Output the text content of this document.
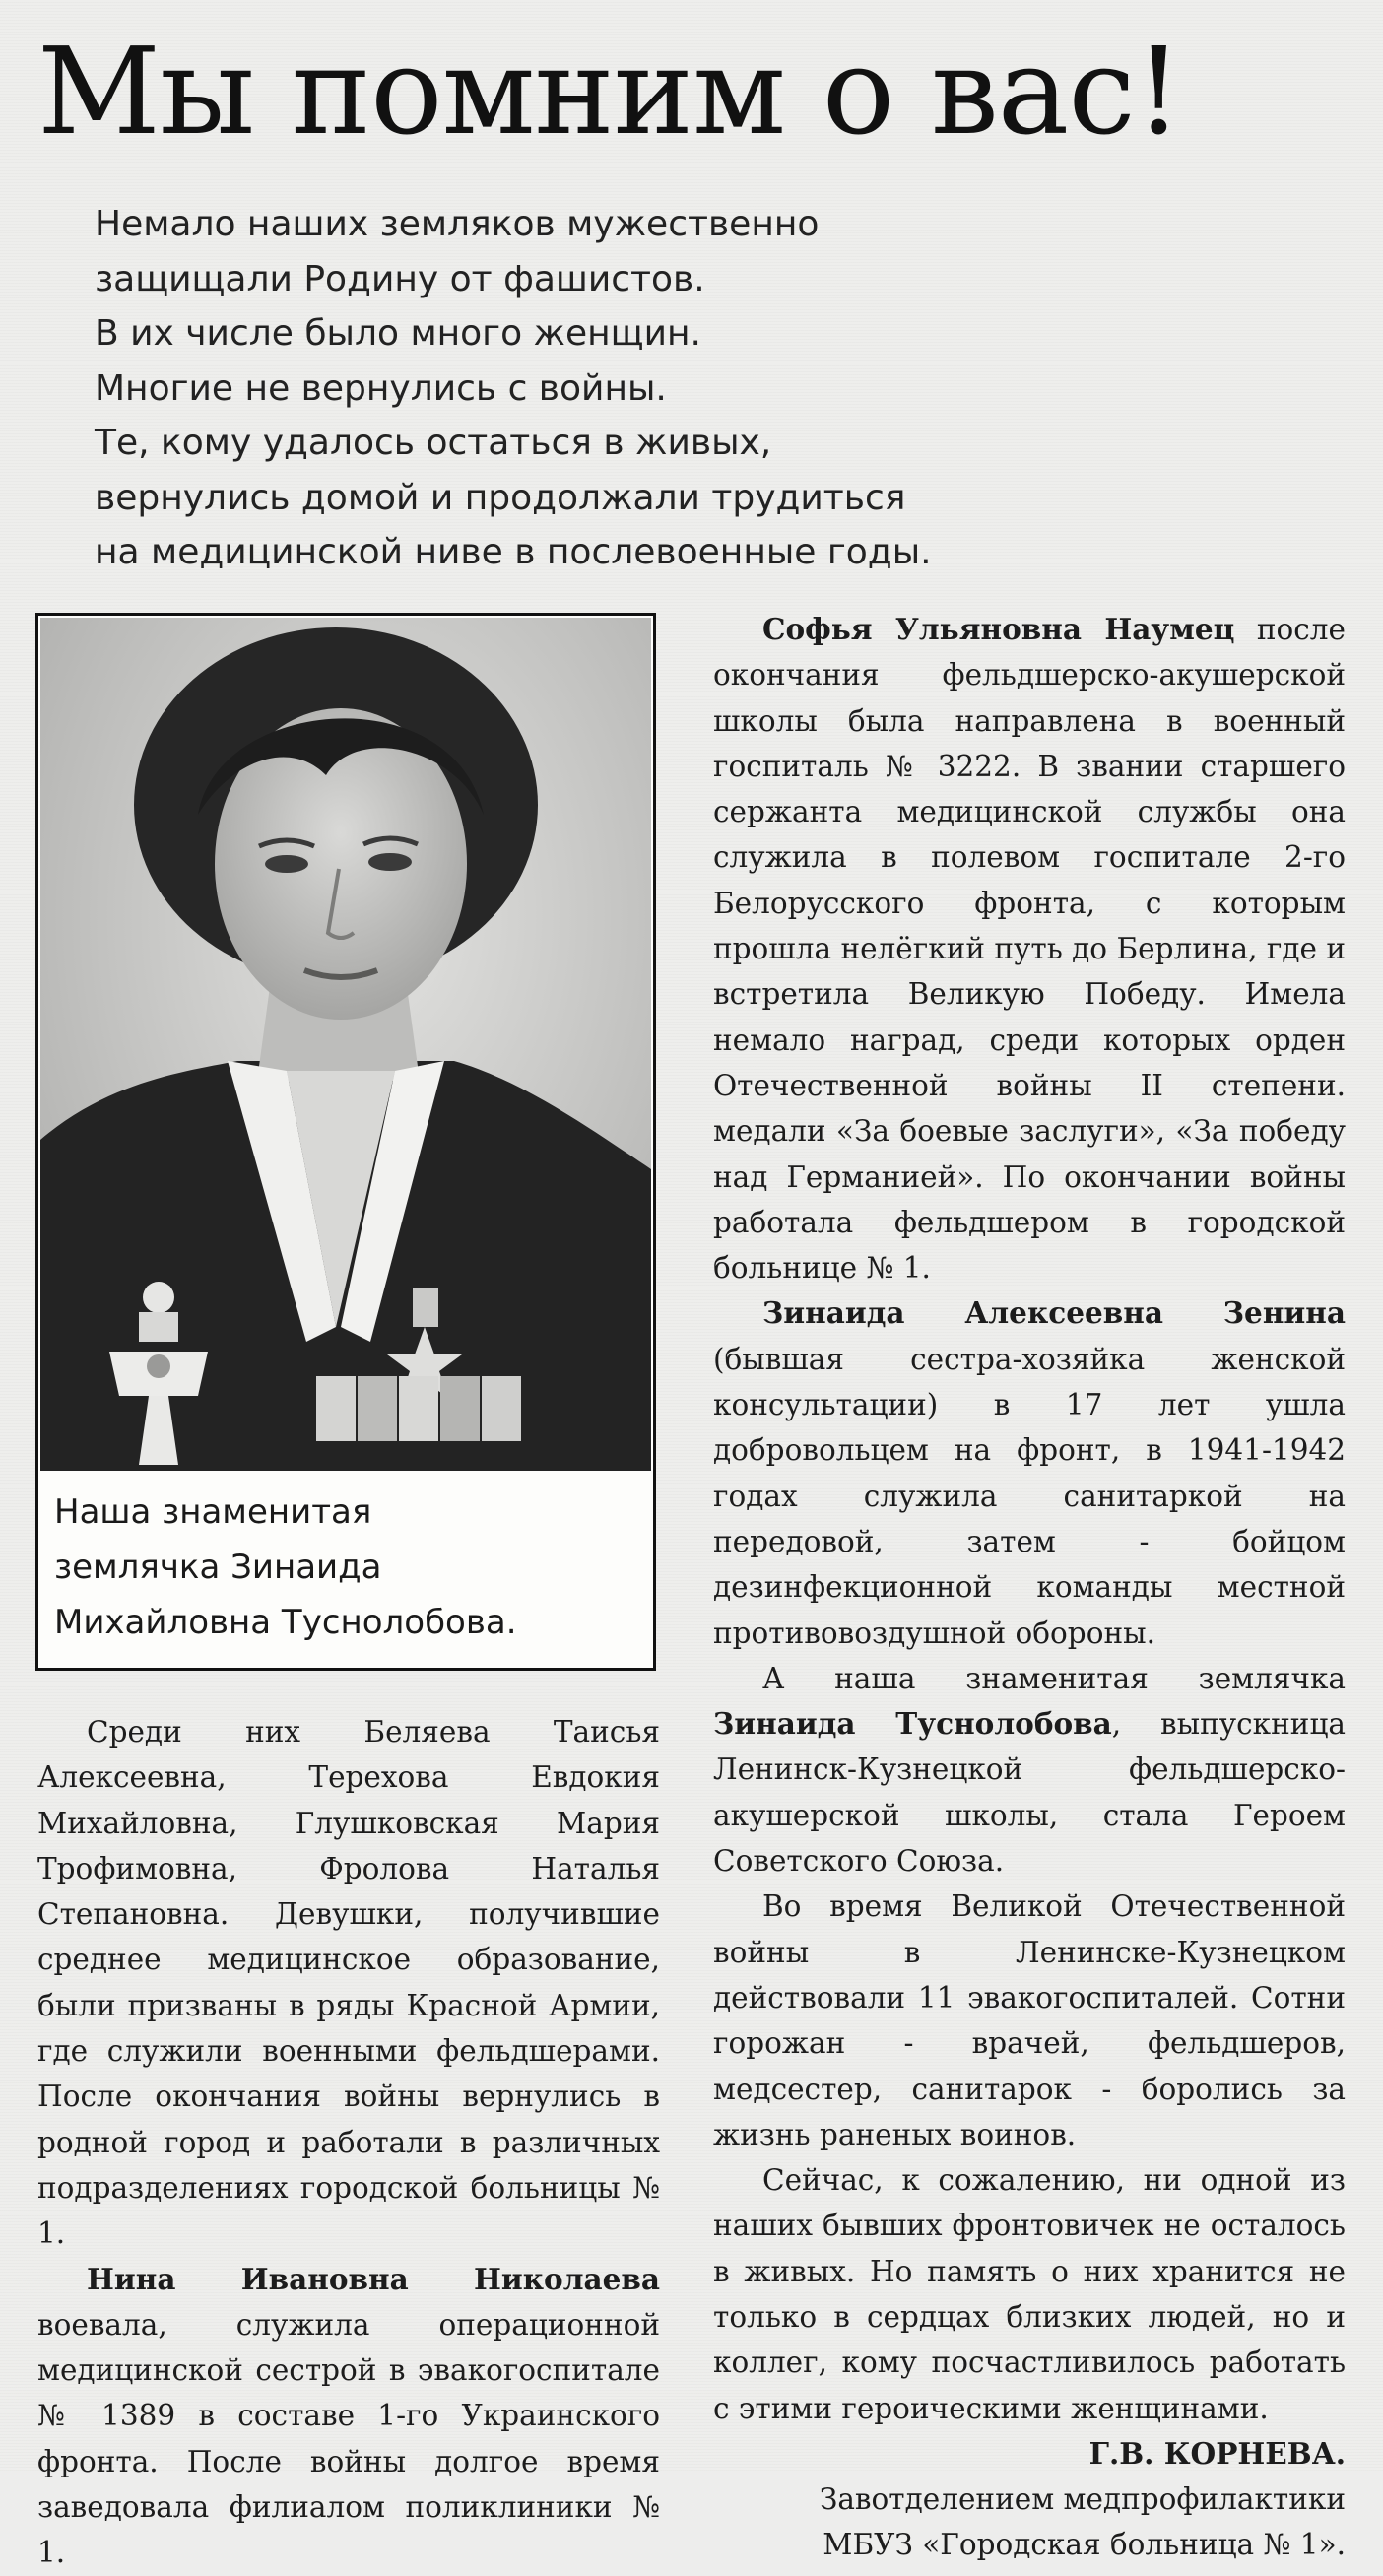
Мы помним о вас!
Немало наших земляков мужественно
защищали Родину от фашистов.
В их числе было много женщин.
Многие не вернулись с войны.
Те, кому удалось остаться в живых,
вернулись домой и продолжали трудиться
на медицинской ниве в послевоенные годы.
Наша знаменитая
землячка Зинаида
Михайловна Туснолобова.

Среди них Беляева Таисья Алексеевна, Терехова Евдокия Михайловна, Глушковская Мария Трофимовна, Фролова Наталья Степановна. Девушки, получившие среднее медицинское образование, были призваны в ряды Красной Армии, где служили военными фельдшерами. После окончания войны вернулись в родной город и работали в различных подразделениях городской больницы № 1.

Нина Ивановна Николаева воевала, служила операционной медицинской сестрой в эвакогоспитале № 1389 в составе 1-го Украинского фронта. После войны долгое время заведовала филиалом поликлиники № 1.

Софья Ульяновна Наумец после окончания фельдшерско-акушерской школы была направлена в военный госпиталь № 3222. В звании старшего сержанта медицинской службы она служила в полевом госпитале 2-го Белорусского фронта, с которым прошла нелёгкий путь до Берлина, где и встретила Великую Победу. Имела немало наград, среди которых орден Отечественной войны II степени. медали «За боевые заслуги», «За победу над Германией». По окончании войны работала фельдшером в городской больнице № 1.

Зинаида Алексеевна Зенина (бывшая сестра-хозяйка женской консультации) в 17 лет ушла добровольцем на фронт, в 1941-1942 годах служила санитаркой на передовой, затем - бойцом дезинфекционной команды местной противовоздушной обороны.

А наша знаменитая землячка Зинаида Туснолобова, выпускница Ленинск-Кузнецкой фельдшерско-акушерской школы, стала Героем Советского Союза.

Во время Великой Отечественной войны в Ленинске-Кузнецком действовали 11 эвакогоспиталей. Сотни горожан - врачей, фельдшеров, медсестер, санитарок - боролись за жизнь раненых воинов.

Сейчас, к сожалению, ни одной из наших бывших фронтовичек не осталось в живых. Но память о них хранится не только в сердцах близких людей, но и коллег, кому посчастливилось работать с этими героическими женщинами.

Г.В. КОРНЕВА.

Завотделением медпрофилактики

МБУЗ «Городская больница № 1».
